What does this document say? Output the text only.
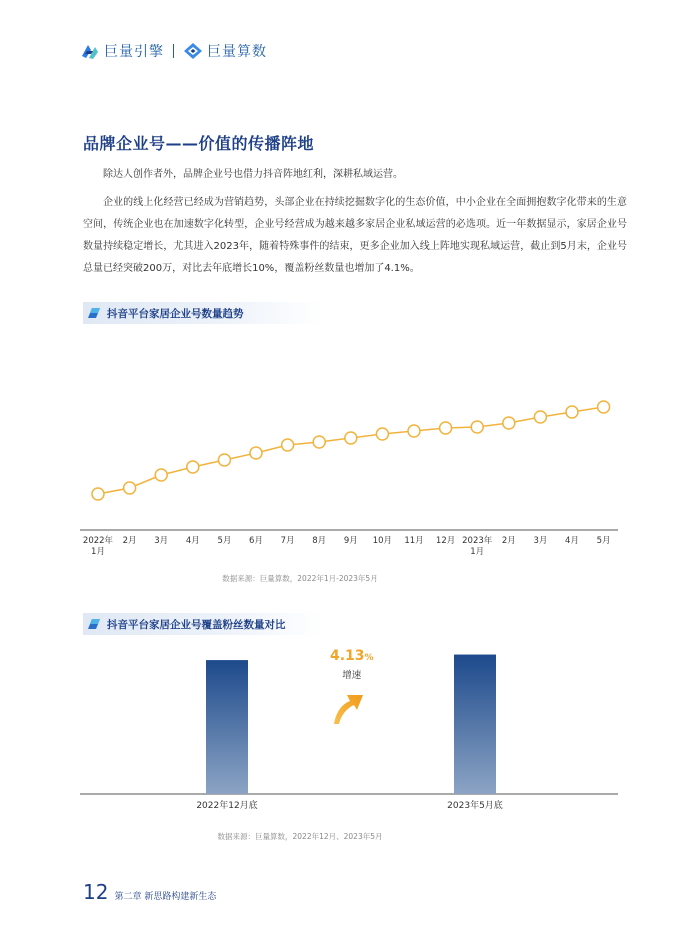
巨量引擎	巨量算数
品牌企业号——价值的传播阵地

除达人创作者外，品牌企业号也借力抖音阵地红利，深耕私域运营。

企业的线上化经营已经成为营销趋势，头部企业在持续挖掘数字化的生态价值，中小企业在全面拥抱数字化带来的生意空间，传统企业也在加速数字化转型，企业号经营成为越来越多家居企业私域运营的必选项。近一年数据显示，家居企业号数量持续稳定增长，尤其进入2023年，随着特殊事件的结束，更多企业加入线上阵地实现私域运营，截止到5月末，企业号总量已经突破200万，对比去年底增长10%，覆盖粉丝数量也增加了4.1%。

抖音平台家居企业号数量趋势
2022年 1月
2月 3月 4月 5月 6月 7月 8月 9月 10月 11月 12月 2023年 1月
2月 3月 4月 5月
数据来源：巨量算数，2022年1月-2023年5月
抖音平台家居企业号覆盖粉丝数量对比
2022年12月底	2023年5月底
4.13%
增速
数据来源：巨量算数，2022年12月、2023年5月
12 第二章 新思路构建新生态
